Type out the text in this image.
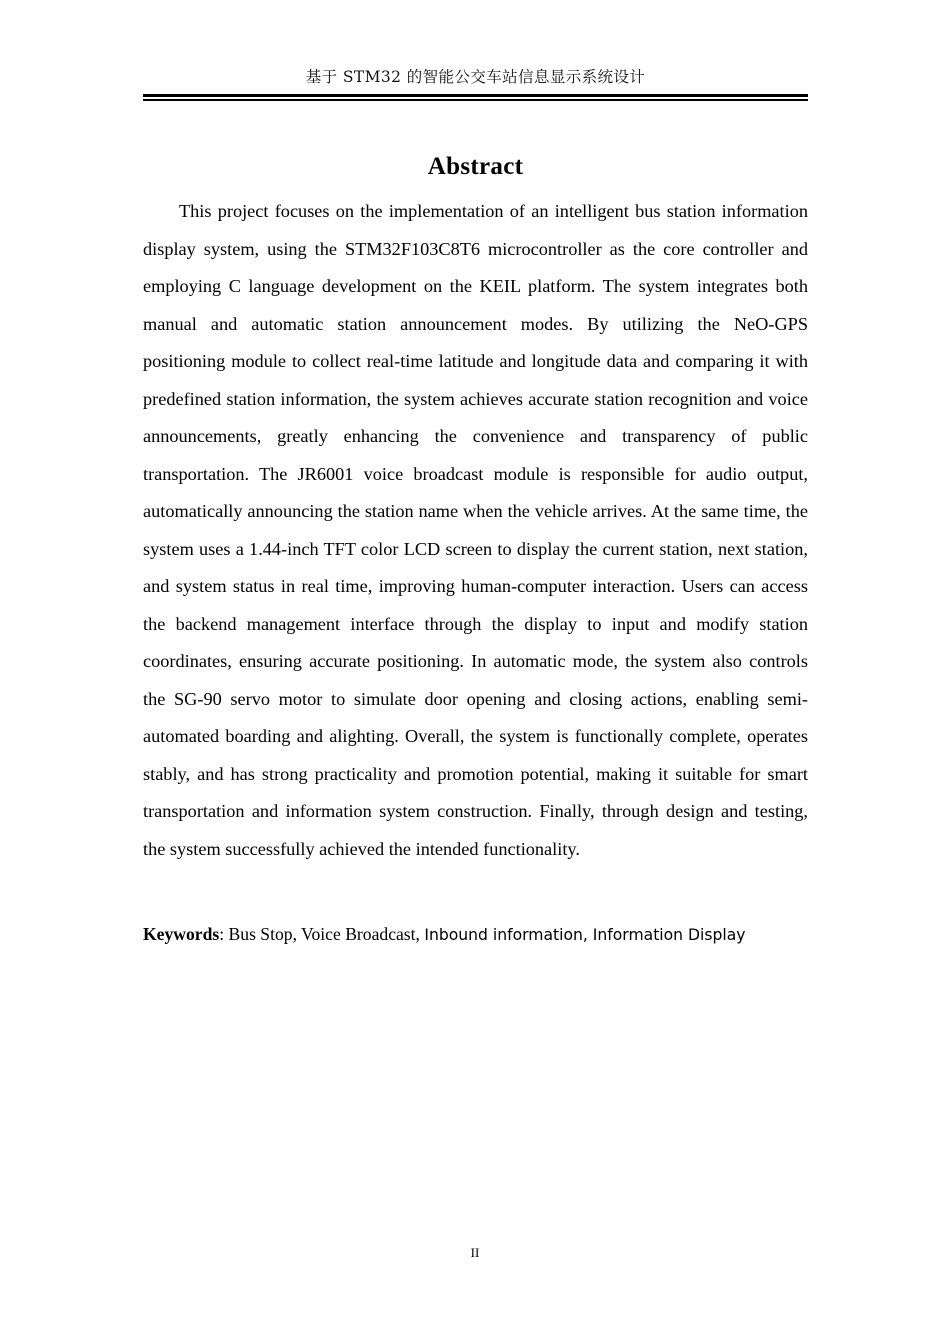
基于 STM32 的智能公交车站信息显示系统设计
Abstract

This project focuses on the implementation of an intelligent bus station information display system, using the STM32F103C8T6 microcontroller as the core controller and employing C language development on the KEIL platform. The system integrates both manual and automatic station announcement modes. By utilizing the NeO-GPS positioning module to collect real-time latitude and longitude data and comparing it with predefined station information, the system achieves accurate station recognition and voice announcements, greatly enhancing the convenience and transparency of public transportation. The JR6001 voice broadcast module is responsible for audio output, automatically announcing the station name when the vehicle arrives. At the same time, the system uses a 1.44-inch TFT color LCD screen to display the current station, next station, and system status in real time, improving human-computer interaction. Users can access the backend management interface through the display to input and modify station coordinates, ensuring accurate positioning. In automatic mode, the system also controls the SG-90 servo motor to simulate door opening and closing actions, enabling semi-automated boarding and alighting. Overall, the system is functionally complete, operates stably, and has strong practicality and promotion potential, making it suitable for smart transportation and information system construction. Finally, through design and testing, the system successfully achieved the intended functionality.

Keywords: Bus Stop, Voice Broadcast, Inbound information, Information Display
II
